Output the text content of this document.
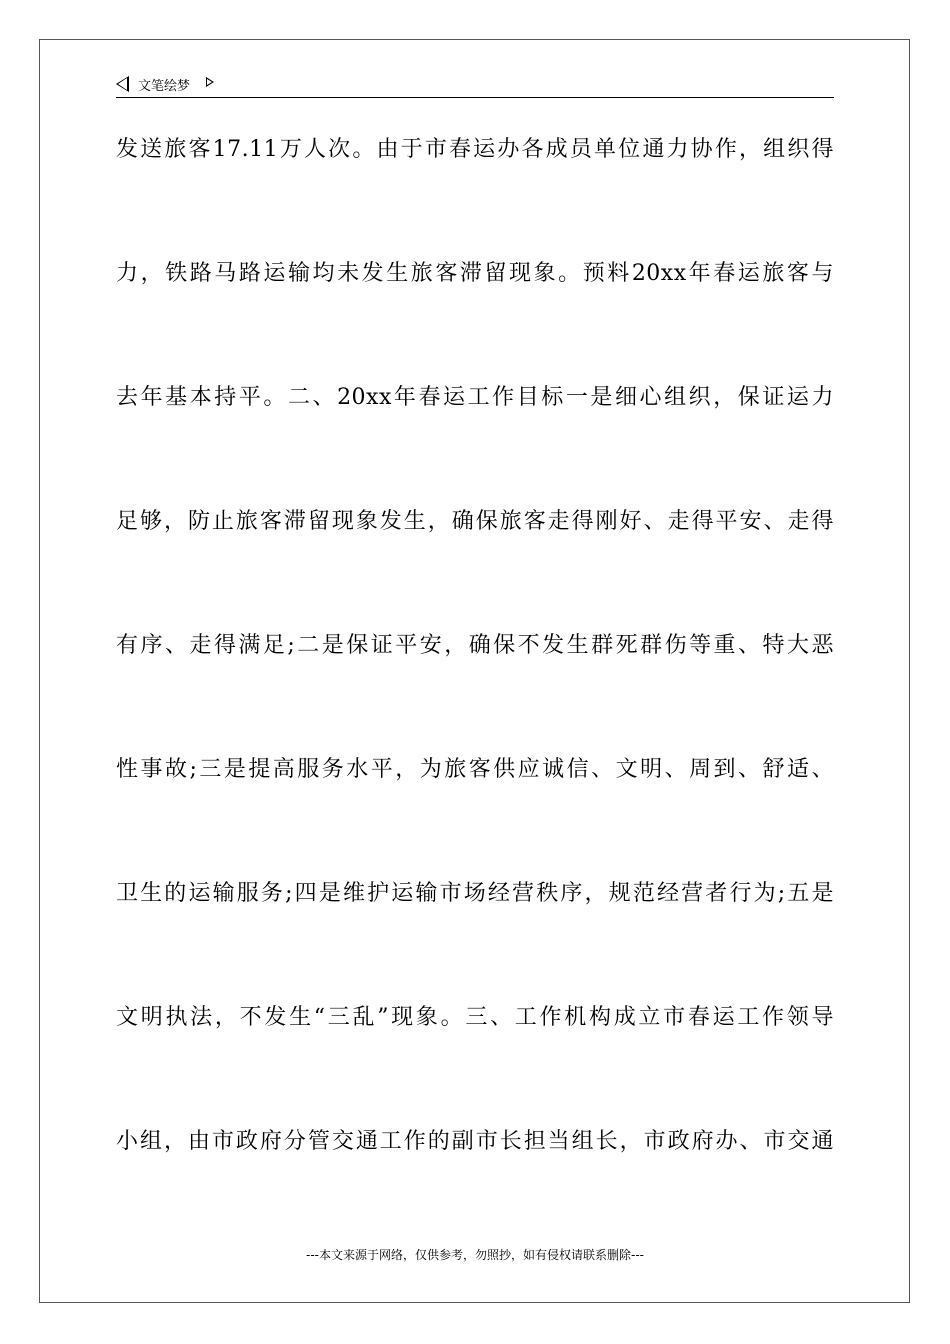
文笔绘梦
发送旅客17.11万人次。由于市春运办各成员单位通力协作，组织得
力，铁路马路运输均未发生旅客滞留现象。预料20xx年春运旅客与
去年基本持平。二、20xx年春运工作目标一是细心组织，保证运力
足够，防止旅客滞留现象发生，确保旅客走得刚好、走得平安、走得
有序、走得满足;二是保证平安，确保不发生群死群伤等重、特大恶
性事故;三是提高服务水平，为旅客供应诚信、文明、周到、舒适、
卫生的运输服务;四是维护运输市场经营秩序，规范经营者行为;五是
文明执法，不发生“三乱”现象。三、工作机构成立市春运工作领导
小组，由市政府分管交通工作的副市长担当组长，市政府办、市交通
---本文来源于网络，仅供参考，勿照抄，如有侵权请联系删除---
